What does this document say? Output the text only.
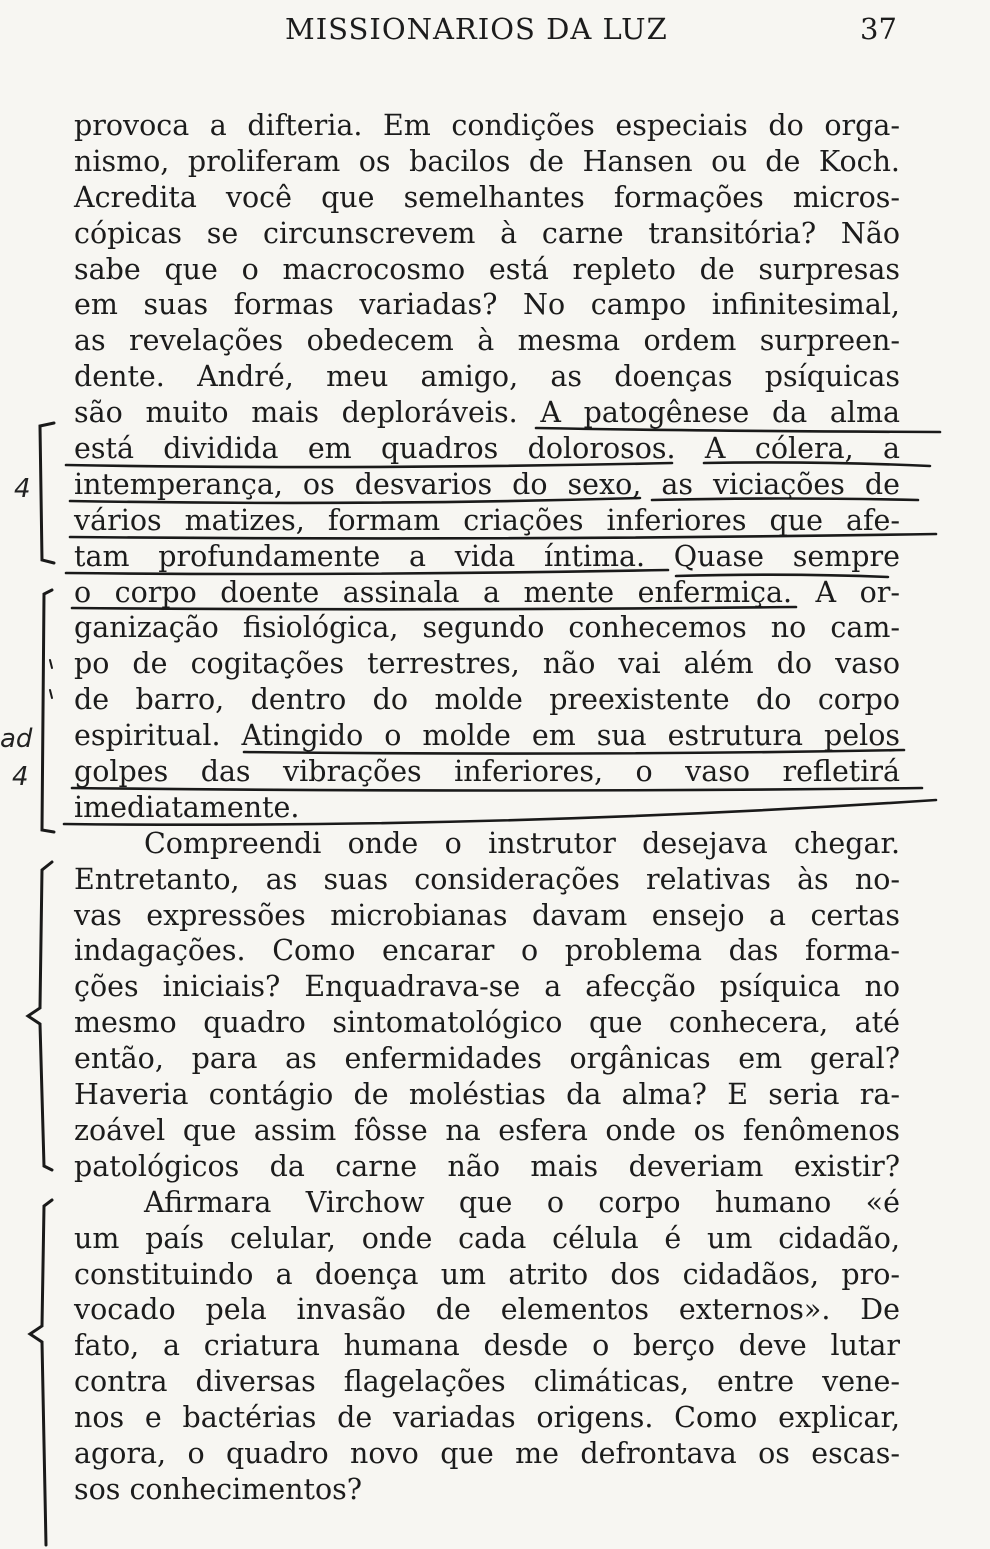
MISSIONARIOS DA LUZ	37
provoca a difteria. Em condições especiais do orga-
nismo, proliferam os bacilos de Hansen ou de Koch.
Acredita você que semelhantes formações micros-
cópicas se circunscrevem à carne transitória? Não
sabe que o macrocosmo está repleto de surpresas
em suas formas variadas? No campo infinitesimal,
as revelações obedecem à mesma ordem surpreen-
dente. André, meu amigo, as doenças psíquicas
são muito mais deploráveis. A patogênese da alma
está dividida em quadros dolorosos. A cólera, a
intemperança, os desvarios do sexo, as viciações de
vários matizes, formam criações inferiores que afe-
tam profundamente a vida íntima. Quase sempre
o corpo doente assinala a mente enfermiça. A or-
ganização fisiológica, segundo conhecemos no cam-
po de cogitações terrestres, não vai além do vaso
de barro, dentro do molde preexistente do corpo
espiritual. Atingido o molde em sua estrutura pelos
golpes das vibrações inferiores, o vaso refletirá
imediatamente.
Compreendi onde o instrutor desejava chegar.
Entretanto, as suas considerações relativas às no-
vas expressões microbianas davam ensejo a certas
indagações. Como encarar o problema das forma-
ções iniciais? Enquadrava-se a afecção psíquica no
mesmo quadro sintomatológico que conhecera, até
então, para as enfermidades orgânicas em geral?
Haveria contágio de moléstias da alma? E seria ra-
zoável que assim fôsse na esfera onde os fenômenos
patológicos da carne não mais deveriam existir?
Afirmara Virchow que o corpo humano «é
um país celular, onde cada célula é um cidadão,
constituindo a doença um atrito dos cidadãos, pro-
vocado pela invasão de elementos externos». De
fato, a criatura humana desde o berço deve lutar
contra diversas flagelações climáticas, entre vene-
nos e bactérias de variadas origens. Como explicar,
agora, o quadro novo que me defrontava os escas-
sos conhecimentos?
4
ad
4
